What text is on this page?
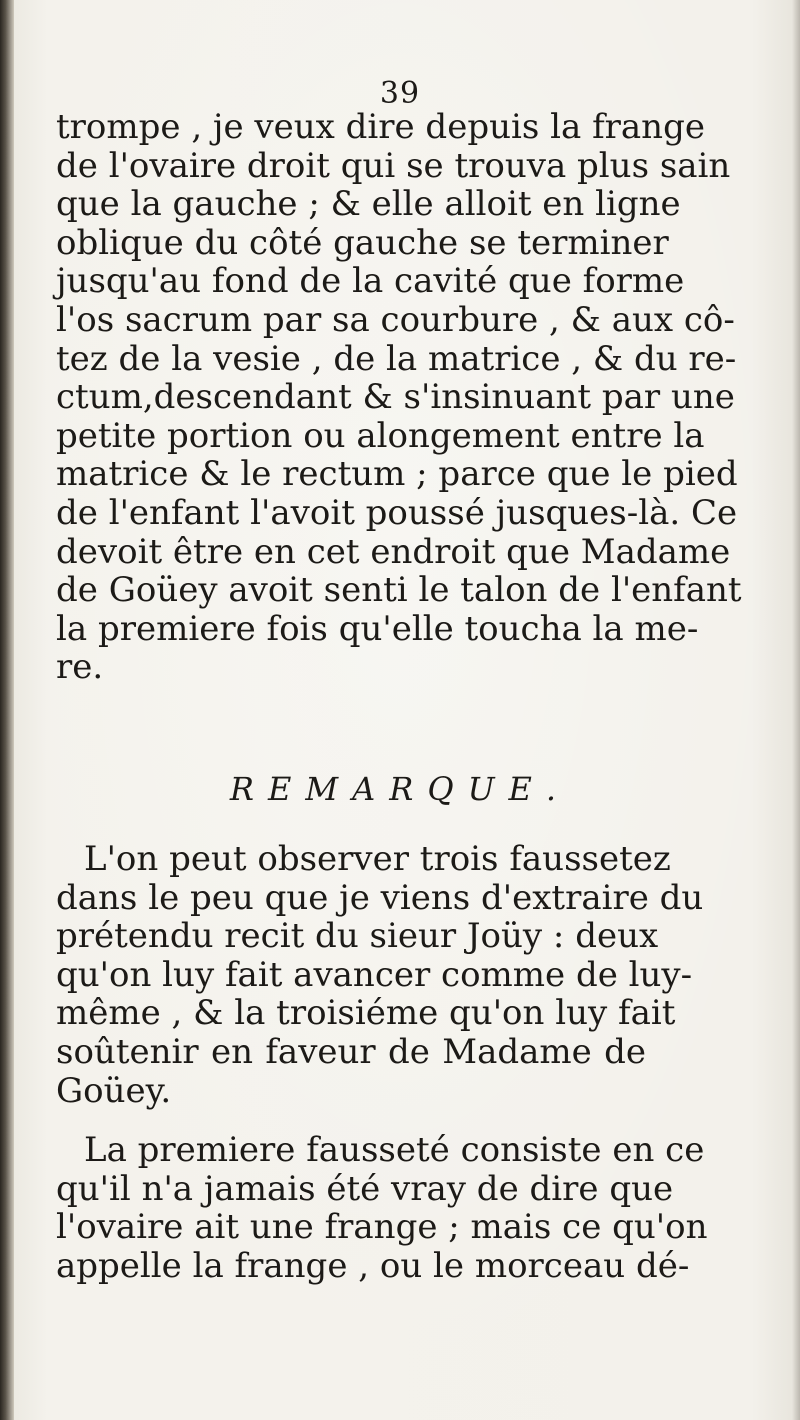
39
trompe , je veux dire depuis la frange
de l'ovaire droit qui se trouva plus sain
que la gauche ; & elle alloit en ligne
oblique du côté gauche se terminer
jusqu'au fond de la cavité que forme
l'os sacrum par sa courbure , & aux cô-
tez de la vesie , de la matrice , & du re-
ctum,descendant & s'insinuant par une
petite portion ou alongement entre la
matrice & le rectum ; parce que le pied
de l'enfant l'avoit poussé jusques-là. Ce
devoit être en cet endroit que Madame
de Goüey avoit senti le talon de l'enfant
la premiere fois qu'elle toucha la me-
re.
REMARQUE.
L'on peut observer trois faussetez
dans le peu que je viens d'extraire du
prétendu recit du sieur Joüy : deux
qu'on luy fait avancer comme de luy-
même , & la troisiéme qu'on luy fait
soûtenir en faveur de Madame de
Goüey.
La premiere fausseté consiste en ce
qu'il n'a jamais été vray de dire que
l'ovaire ait une frange ; mais ce qu'on
appelle la frange , ou le morceau dé-
